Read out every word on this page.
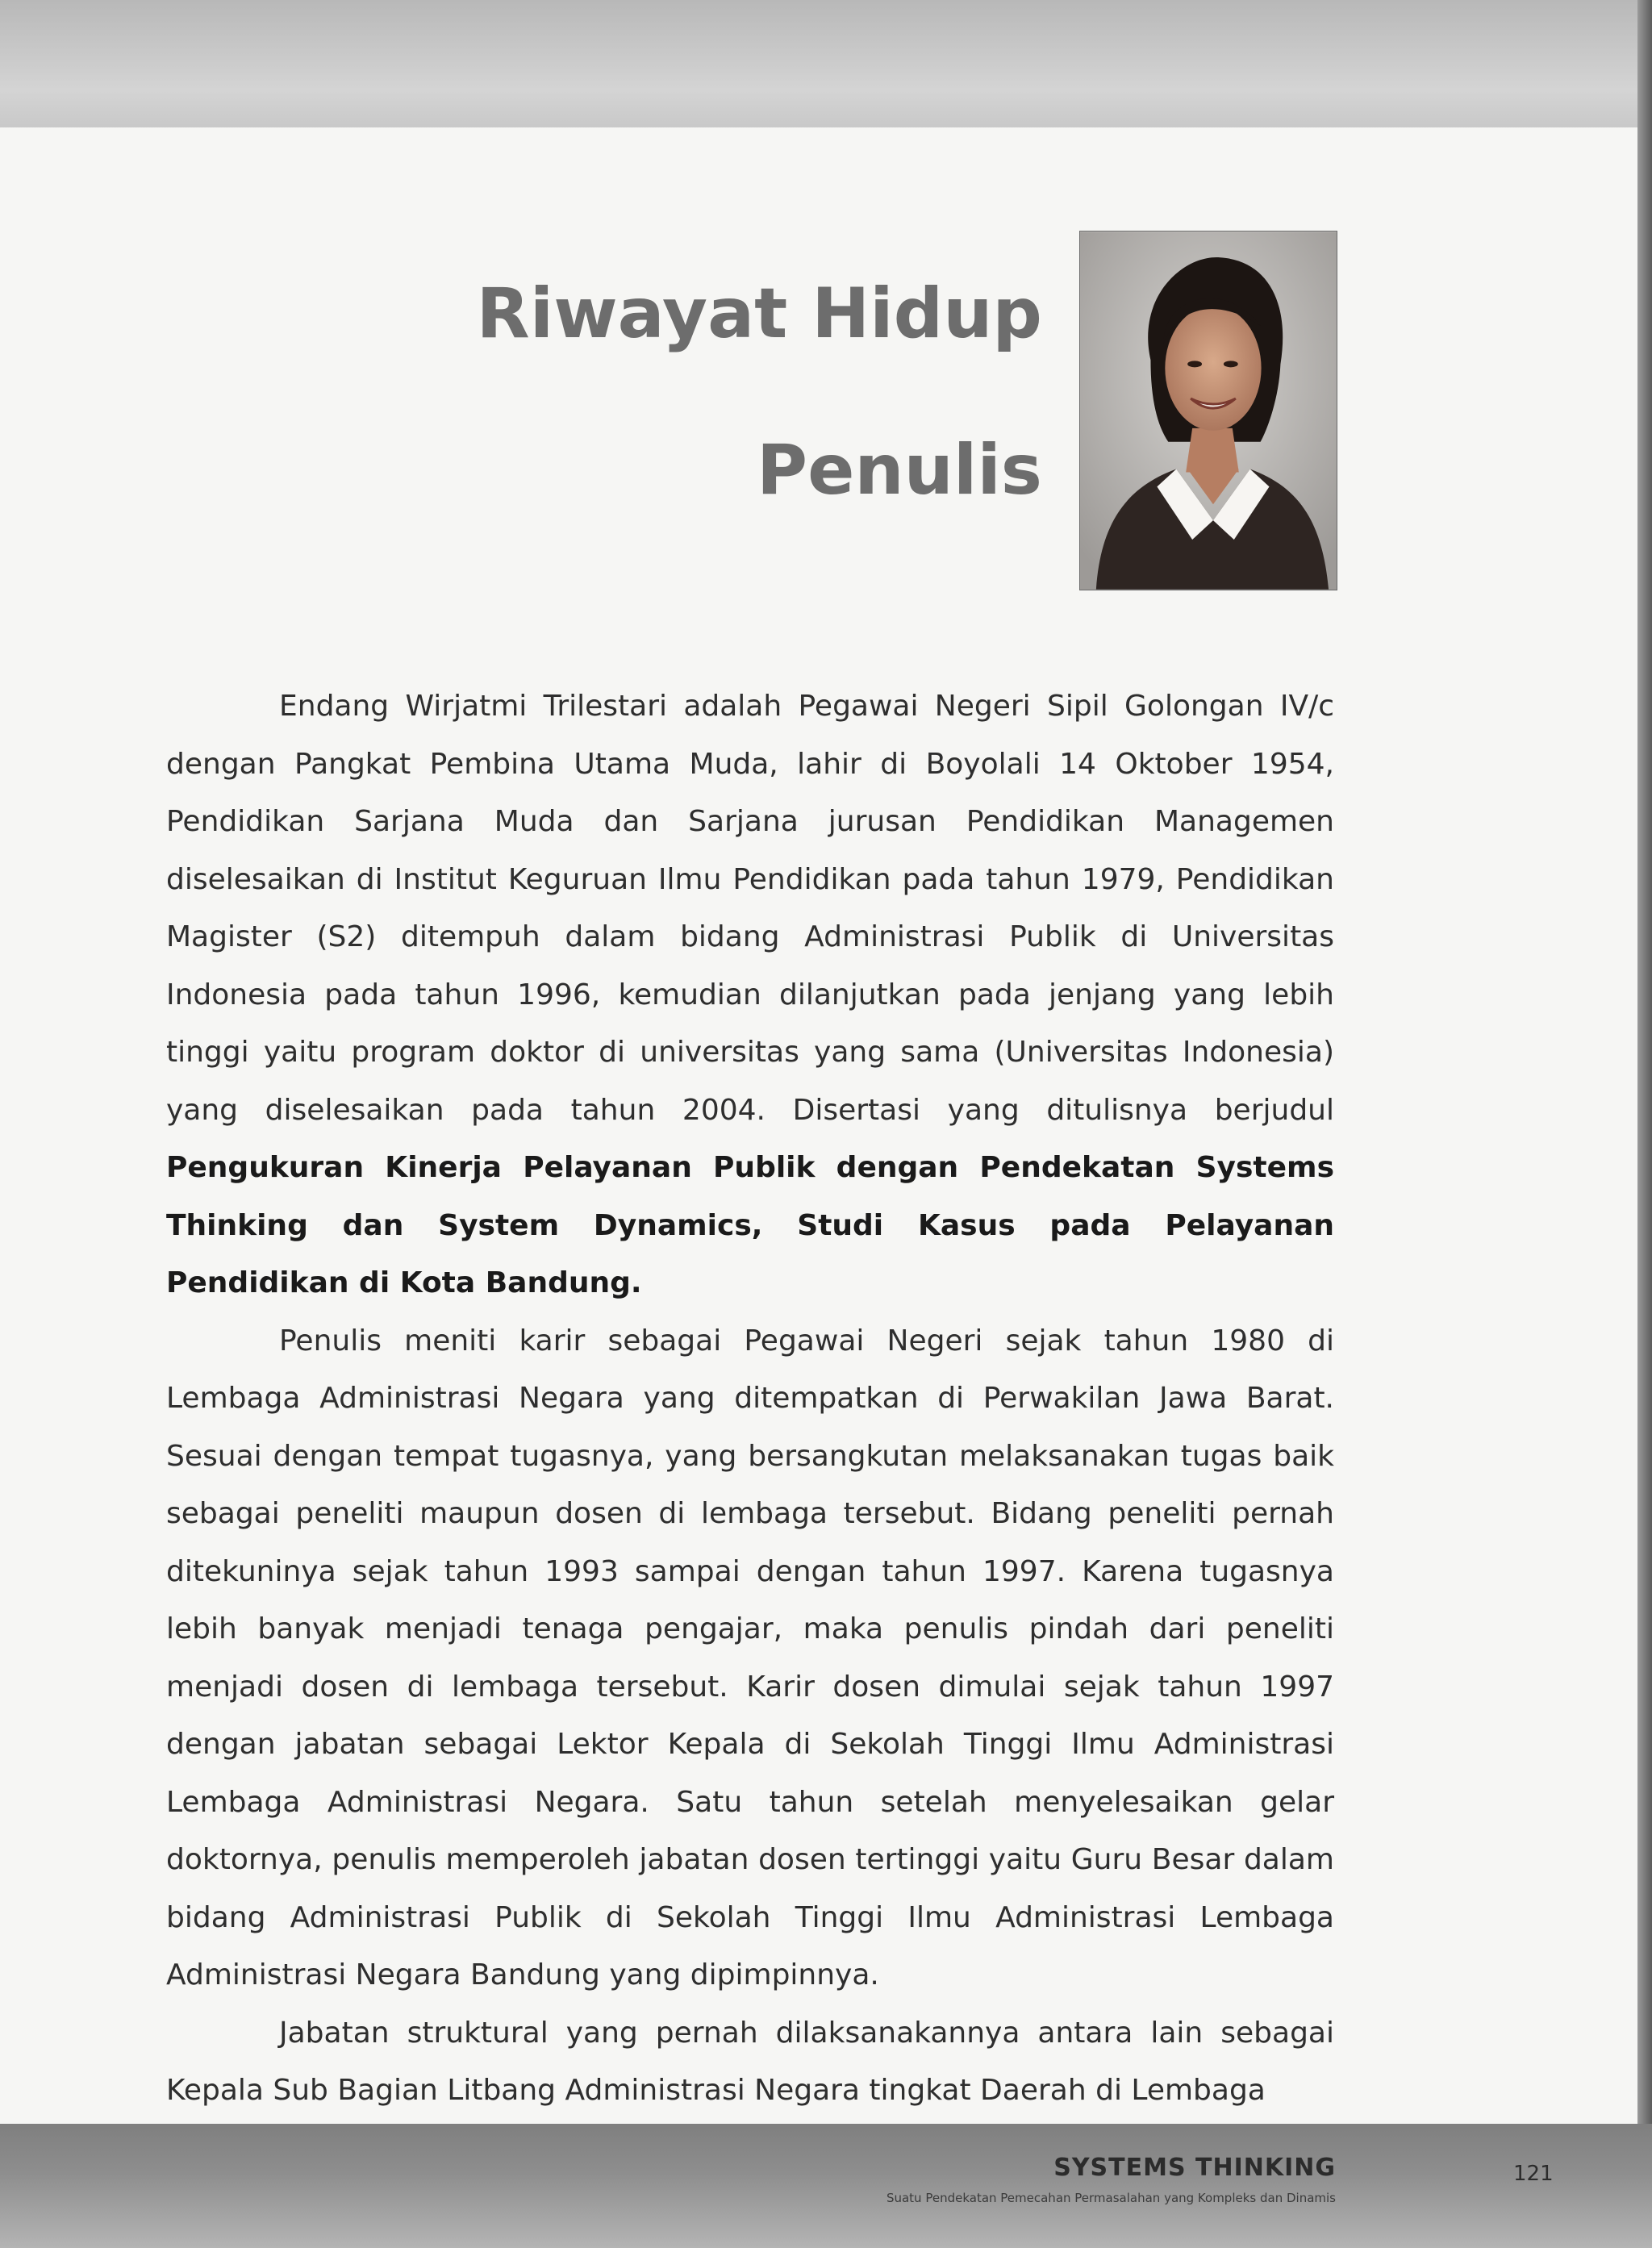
Riwayat Hidup
Penulis

Endang Wirjatmi Trilestari adalah Pegawai Negeri Sipil Golongan IV/c dengan Pangkat Pembina Utama Muda, lahir di Boyolali 14 Oktober 1954, Pendidikan Sarjana Muda dan Sarjana jurusan Pendidikan Managemen diselesaikan di Institut Keguruan Ilmu Pendidikan pada tahun 1979, Pendidikan Magister (S2) ditempuh dalam bidang Administrasi Publik di Universitas Indonesia pada tahun 1996, kemudian dilanjutkan pada jenjang yang lebih tinggi yaitu program doktor di universitas yang sama (Universitas Indonesia) yang diselesaikan pada tahun 2004. Disertasi yang ditulisnya berjudul Pengukuran Kinerja Pelayanan Publik dengan Pendekatan Systems Thinking dan System Dynamics, Studi Kasus pada Pelayanan Pendidikan di Kota Bandung.

Penulis meniti karir sebagai Pegawai Negeri sejak tahun 1980 di Lembaga Administrasi Negara yang ditempatkan di Perwakilan Jawa Barat. Sesuai dengan tempat tugasnya, yang bersangkutan melaksanakan tugas baik sebagai peneliti maupun dosen di lembaga tersebut. Bidang peneliti pernah ditekuninya sejak tahun 1993 sampai dengan tahun 1997. Karena tugasnya lebih banyak menjadi tenaga pengajar, maka penulis pindah dari peneliti menjadi dosen di lembaga tersebut. Karir dosen dimulai sejak tahun 1997 dengan jabatan sebagai Lektor Kepala di Sekolah Tinggi Ilmu Administrasi Lembaga Administrasi Negara. Satu tahun setelah menyelesaikan gelar doktornya, penulis memperoleh jabatan dosen tertinggi yaitu Guru Besar dalam bidang Administrasi Publik di Sekolah Tinggi Ilmu Administrasi Lembaga Administrasi Negara Bandung yang dipimpinnya.

Jabatan struktural yang pernah dilaksanakannya antara lain sebagai Kepala Sub Bagian Litbang Administrasi Negara tingkat Daerah di Lembaga

SYSTEMS THINKING

Suatu Pendekatan Pemecahan Permasalahan yang Kompleks dan Dinamis

121
